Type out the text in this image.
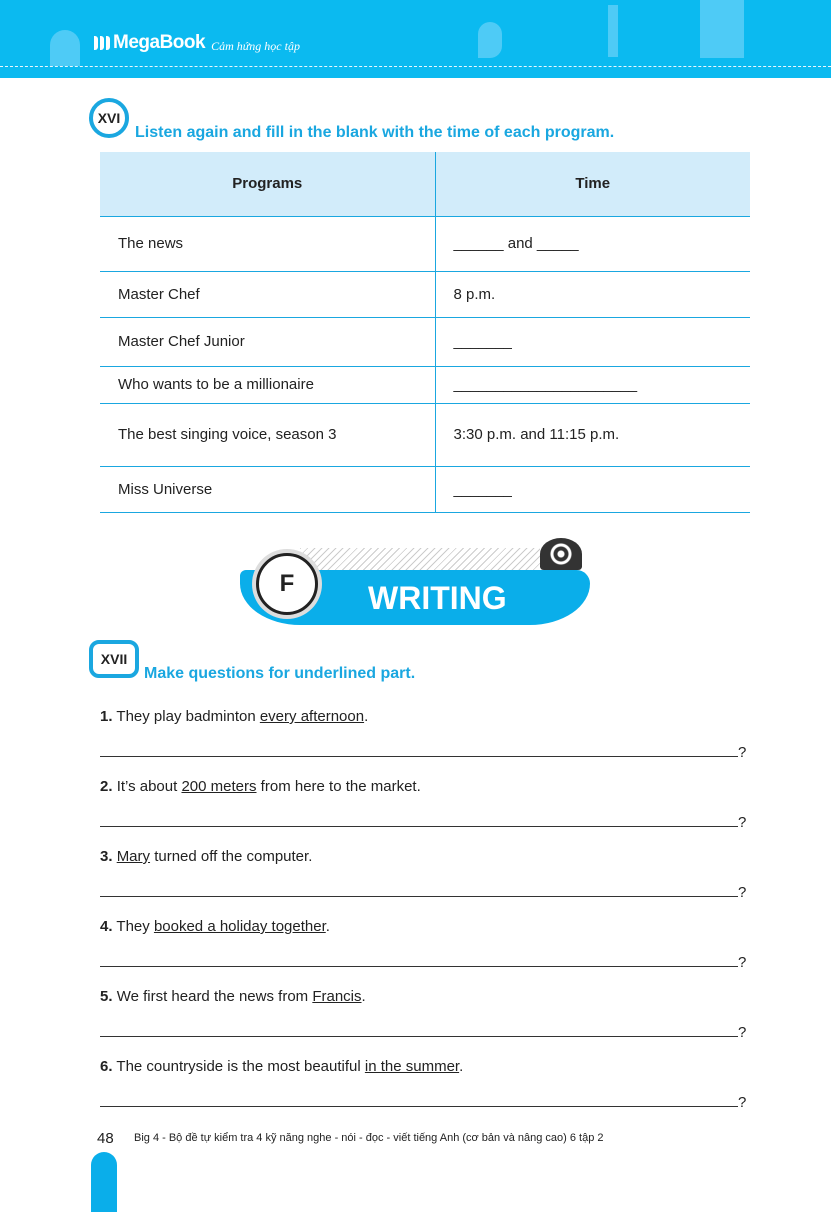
MegaBook Cảm hứng học tập
XVI
Listen again and fill in the blank with the time of each program.
Programs	Time
The news	______ and _____
Master Chef	8 p.m.
Master Chef Junior	_______
Who wants to be a millionaire	______________________
The best singing voice, season 3	3:30 p.m. and 11:15 p.m.
Miss Universe	_______
WRITING
F
XVII
Make questions for underlined part.
1. They play badminton every afternoon.
?
2. It’s about 200 meters from here to the market.
?
3. Mary turned off the computer.
?
4. They booked a holiday together.
?
5. We first heard the news from Francis.
?
6. The countryside is the most beautiful in the summer.
?
48 Big 4 - Bộ đề tự kiểm tra 4 kỹ năng nghe - nói - đọc - viết tiếng Anh (cơ bản và nâng cao) 6 tập 2
